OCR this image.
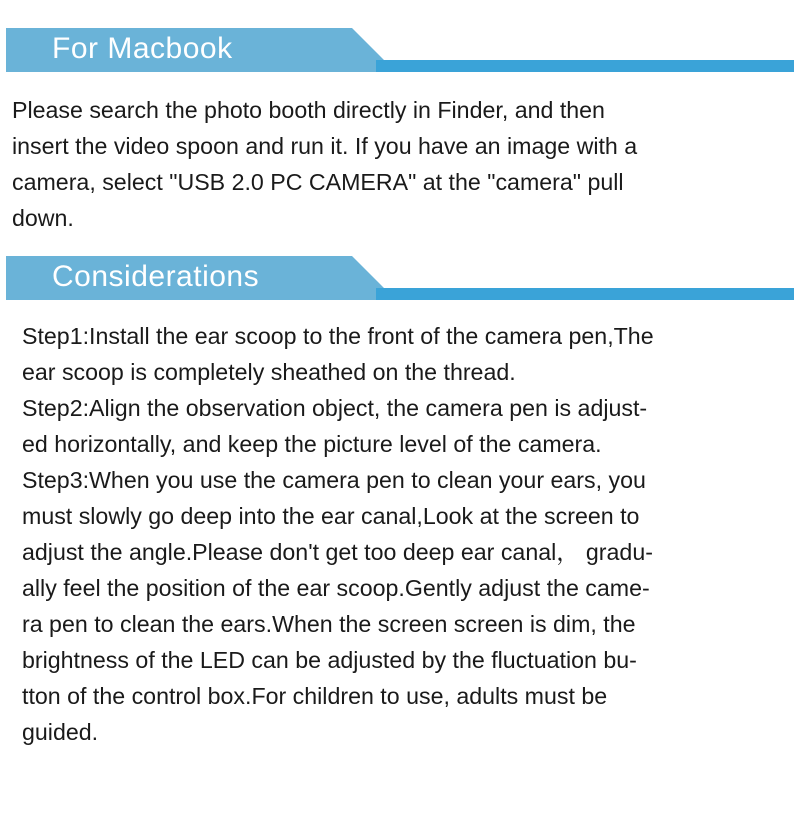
For Macbook
Please search the photo booth directly in Finder, and then
insert the video spoon and run it. If you have an image with a
camera, select "USB 2.0 PC CAMERA" at the "camera" pull
down.
Considerations
Step1:Install the ear scoop to the front of the camera pen,The
ear scoop is completely sheathed on the thread.
Step2:Align the observation object, the camera pen is adjust-
ed horizontally, and keep the picture level of the camera.
Step3:When you use the camera pen to clean your ears, you
must slowly go deep into the ear canal,Look at the screen to
adjust the angle.Please don't get too deep ear canal， gradu-
ally feel the position of the ear scoop.Gently adjust the came-
ra pen to clean the ears.When the screen screen is dim, the
brightness of the LED can be adjusted by the fluctuation bu-
tton of the control box.For children to use, adults must be
guided.
